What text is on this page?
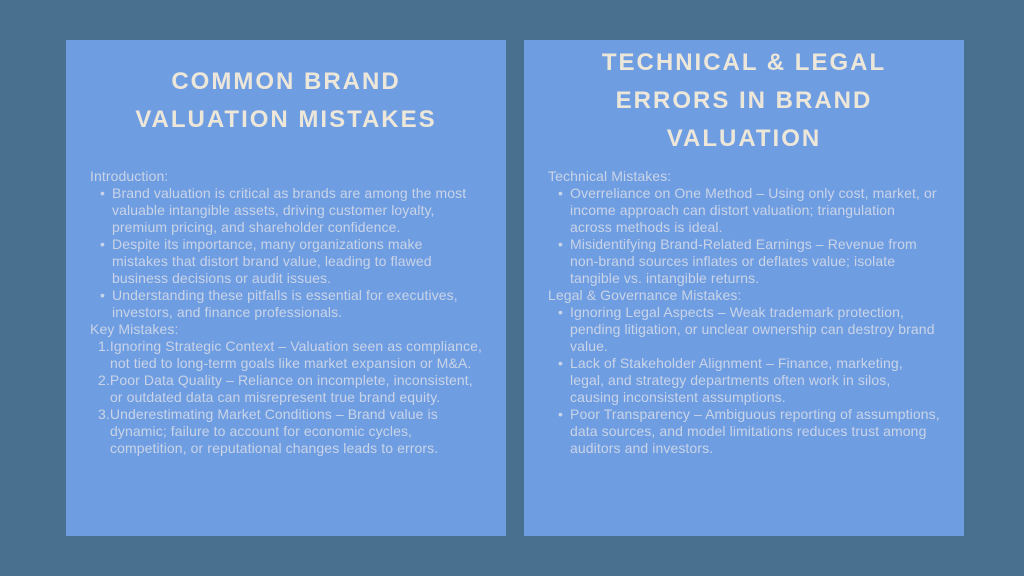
COMMON BRAND VALUATION MISTAKES

Introduction:

• Brand valuation is critical as brands are among the most valuable intangible assets, driving customer loyalty, premium pricing, and shareholder confidence.
• Despite its importance, many organizations make mistakes that distort brand value, leading to flawed business decisions or audit issues.
• Understanding these pitfalls is essential for executives, investors, and finance professionals.

Key Mistakes:

Ignoring Strategic Context – Valuation seen as compliance, not tied to long-term goals like market expansion or M&A.
Poor Data Quality – Reliance on incomplete, inconsistent, or outdated data can misrepresent true brand equity.
Underestimating Market Conditions – Brand value is dynamic; failure to account for economic cycles, competition, or reputational changes leads to errors.
TECHNICAL & LEGAL ERRORS IN BRAND VALUATION

Technical Mistakes:

• Overreliance on One Method – Using only cost, market, or income approach can distort valuation; triangulation across methods is ideal.
• Misidentifying Brand-Related Earnings – Revenue from non-brand sources inflates or deflates value; isolate tangible vs. intangible returns.

Legal & Governance Mistakes:

• Ignoring Legal Aspects – Weak trademark protection, pending litigation, or unclear ownership can destroy brand value.
• Lack of Stakeholder Alignment – Finance, marketing, legal, and strategy departments often work in silos, causing inconsistent assumptions.
• Poor Transparency – Ambiguous reporting of assumptions, data sources, and model limitations reduces trust among auditors and investors.
